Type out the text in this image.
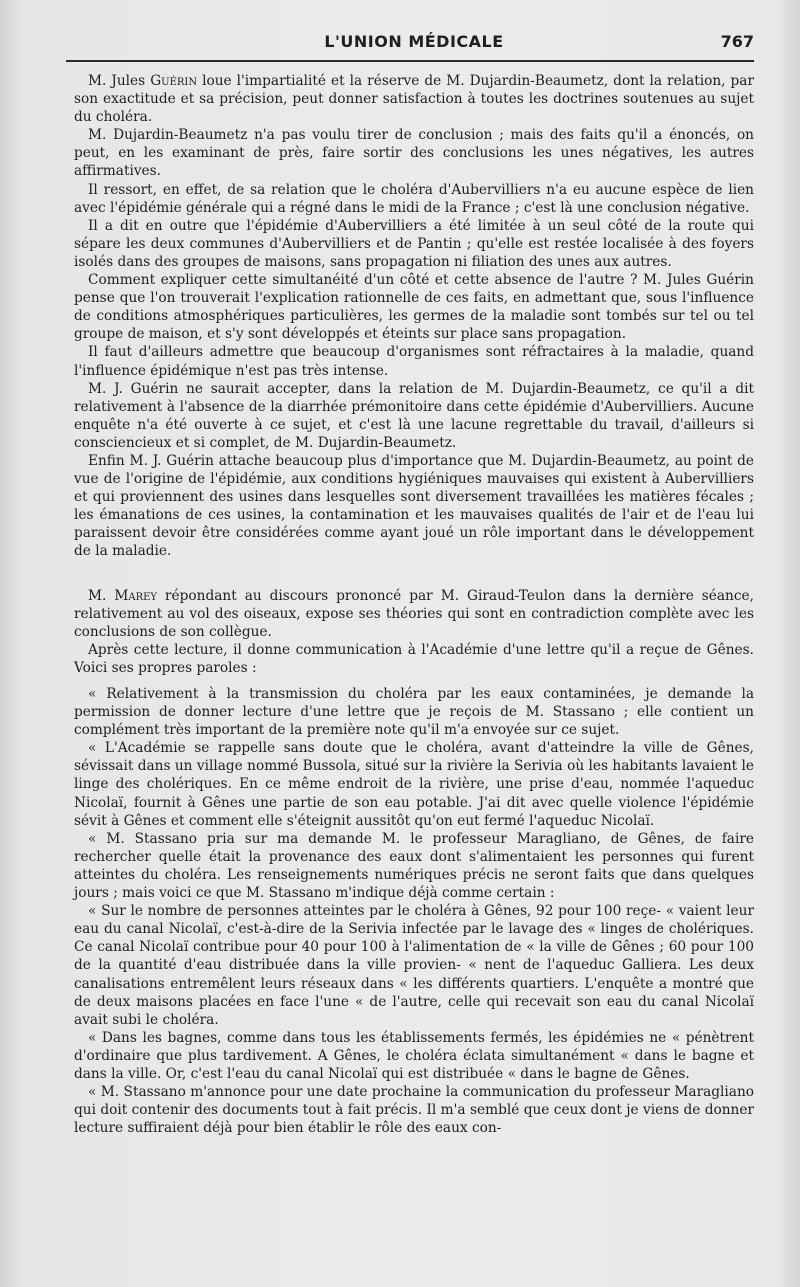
L'UNION MÉDICALE	767

M. Jules Guérin loue l'impartialité et la réserve de M. Dujardin-Beaumetz, dont la relation, par son exactitude et sa précision, peut donner satisfaction à toutes les doctrines soutenues au sujet du choléra.

M. Dujardin-Beaumetz n'a pas voulu tirer de conclusion ; mais des faits qu'il a énoncés, on peut, en les examinant de près, faire sortir des conclusions les unes négatives, les autres affirmatives.

Il ressort, en effet, de sa relation que le choléra d'Aubervilliers n'a eu aucune espèce de lien avec l'épidémie générale qui a régné dans le midi de la France ; c'est là une conclusion négative.

Il a dit en outre que l'épidémie d'Aubervilliers a été limitée à un seul côté de la route qui sépare les deux communes d'Aubervilliers et de Pantin ; qu'elle est restée localisée à des foyers isolés dans des groupes de maisons, sans propagation ni filiation des unes aux autres.

Comment expliquer cette simultanéité d'un côté et cette absence de l'autre ? M. Jules Guérin pense que l'on trouverait l'explication rationnelle de ces faits, en admettant que, sous l'influence de conditions atmosphériques particulières, les germes de la maladie sont tombés sur tel ou tel groupe de maison, et s'y sont développés et éteints sur place sans propagation.

Il faut d'ailleurs admettre que beaucoup d'organismes sont réfractaires à la maladie, quand l'influence épidémique n'est pas très intense.

M. J. Guérin ne saurait accepter, dans la relation de M. Dujardin-Beaumetz, ce qu'il a dit relativement à l'absence de la diarrhée prémonitoire dans cette épidémie d'Aubervilliers. Aucune enquête n'a été ouverte à ce sujet, et c'est là une lacune regrettable du travail, d'ailleurs si consciencieux et si complet, de M. Dujardin-Beaumetz.

Enfin M. J. Guérin attache beaucoup plus d'importance que M. Dujardin-Beaumetz, au point de vue de l'origine de l'épidémie, aux conditions hygiéniques mauvaises qui existent à Aubervilliers et qui proviennent des usines dans lesquelles sont diversement travaillées les matières fécales ; les émanations de ces usines, la contamination et les mauvaises qualités de l'air et de l'eau lui paraissent devoir être considérées comme ayant joué un rôle important dans le développement de la maladie.

M. Marey répondant au discours prononcé par M. Giraud-Teulon dans la dernière séance, relativement au vol des oiseaux, expose ses théories qui sont en contradiction complète avec les conclusions de son collègue.

Après cette lecture, il donne communication à l'Académie d'une lettre qu'il a reçue de Gênes. Voici ses propres paroles :

« Relativement à la transmission du choléra par les eaux contaminées, je demande la permission de donner lecture d'une lettre que je reçois de M. Stassano ; elle contient un complément très important de la première note qu'il m'a envoyée sur ce sujet.

« L'Académie se rappelle sans doute que le choléra, avant d'atteindre la ville de Gênes, sévissait dans un village nommé Bussola, situé sur la rivière la Serivia où les habitants lavaient le linge des cholériques. En ce même endroit de la rivière, une prise d'eau, nommée l'aqueduc Nicolaï, fournit à Gênes une partie de son eau potable. J'ai dit avec quelle violence l'épidémie sévit à Gênes et comment elle s'éteignit aussitôt qu'on eut fermé l'aqueduc Nicolaï.

« M. Stassano pria sur ma demande M. le professeur Maragliano, de Gênes, de faire rechercher quelle était la provenance des eaux dont s'alimentaient les personnes qui furent atteintes du choléra. Les renseignements numériques précis ne seront faits que dans quelques jours ; mais voici ce que M. Stassano m'indique déjà comme certain :

« Sur le nombre de personnes atteintes par le choléra à Gênes, 92 pour 100 reçe- « vaient leur eau du canal Nicolaï, c'est-à-dire de la Serivia infectée par le lavage des « linges de cholériques. Ce canal Nicolaï contribue pour 40 pour 100 à l'alimentation de « la ville de Gênes ; 60 pour 100 de la quantité d'eau distribuée dans la ville provien- « nent de l'aqueduc Galliera. Les deux canalisations entremêlent leurs réseaux dans « les différents quartiers. L'enquête a montré que de deux maisons placées en face l'une « de l'autre, celle qui recevait son eau du canal Nicolaï avait subi le choléra.

« Dans les bagnes, comme dans tous les établissements fermés, les épidémies ne « pénètrent d'ordinaire que plus tardivement. A Gênes, le choléra éclata simultanément « dans le bagne et dans la ville. Or, c'est l'eau du canal Nicolaï qui est distribuée « dans le bagne de Gênes.

« M. Stassano m'annonce pour une date prochaine la communication du professeur Maragliano qui doit contenir des documents tout à fait précis. Il m'a semblé que ceux dont je viens de donner lecture suffiraient déjà pour bien établir le rôle des eaux con-
